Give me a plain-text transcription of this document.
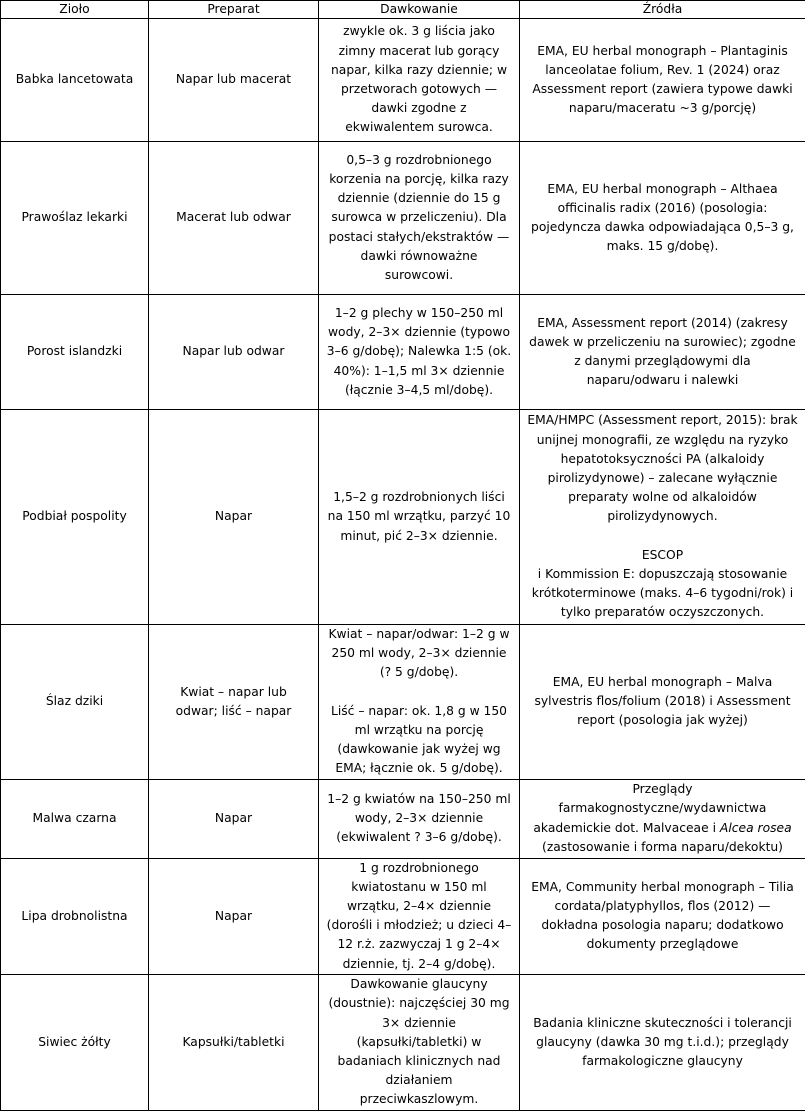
Zioło	Preparat	Dawkowanie	Źródła
Babka lancetowata	Napar lub macerat	zwykle ok. 3 g liścia jako zimny macerat lub gorący napar, kilka razy dziennie; w przetworach gotowych — dawki zgodne z ekwiwalentem surowca.	EMA, EU herbal monograph – Plantaginis lanceolatae folium, Rev. 1 (2024) oraz Assessment report (zawiera typowe dawki naparu/maceratu ~3 g/porcję)
Prawoślaz lekarki	Macerat lub odwar	0,5–3 g rozdrobnionego korzenia na porcję, kilka razy dziennie (dziennie do 15 g surowca w przeliczeniu). Dla postaci stałych/ekstraktów — dawki równoważne surowcowi.	EMA, EU herbal monograph – Althaea officinalis radix (2016) (posologia: pojedyncza dawka odpowiadająca 0,5–3 g, maks. 15 g/dobę).
Porost islandzki	Napar lub odwar	1–2 g plechy w 150–250 ml wody, 2–3× dziennie (typowo 3–6 g/dobę); Nalewka 1:5 (ok. 40%): 1–1,5 ml 3× dziennie (łącznie 3–4,5 ml/dobę).	EMA, Assessment report (2014) (zakresy dawek w przeliczeniu na surowiec); zgodne z danymi przeglądowymi dla naparu/odwaru i nalewki
Podbiał pospolity	Napar	1,5–2 g rozdrobnionych liści na 150 ml wrzątku, parzyć 10 minut, pić 2–3× dziennie.	EMA/HMPC (Assessment report, 2015): brak unijnej monografii, ze względu na ryzyko hepatotoksyczności PA (alkaloidy pirolizydynowe) – zalecane wyłącznie preparaty wolne od alkaloidów pirolizydynowych.

ESCOP
i Kommission E: dopuszczają stosowanie krótkoterminowe (maks. 4–6 tygodni/rok) i tylko preparatów oczyszczonych.
Ślaz dziki	Kwiat – napar lub odwar; liść – napar	Kwiat – napar/odwar: 1–2 g w 250 ml wody, 2–3× dziennie (? 5 g/dobę).

Liść – napar: ok. 1,8 g w 150 ml wrzątku na porcję (dawkowanie jak wyżej wg EMA; łącznie ok. 5 g/dobę).	EMA, EU herbal monograph – Malva sylvestris flos/folium (2018) i Assessment report (posologia jak wyżej)
Malwa czarna	Napar	1–2 g kwiatów na 150–250 ml wody, 2–3× dziennie (ekwiwalent ? 3–6 g/dobę).	Przeglądy farmakognostyczne/wydawnictwa akademickie dot. Malvaceae i Alcea rosea (zastosowanie i forma naparu/dekoktu)
Lipa drobnolistna	Napar	1 g rozdrobnionego kwiatostanu w 150 ml wrzątku, 2–4× dziennie (dorośli i młodzież; u dzieci 4–12 r.ż. zazwyczaj 1 g 2–4× dziennie, tj. 2–4 g/dobę).	EMA, Community herbal monograph – Tilia cordata/platyphyllos, flos (2012) — dokładna posologia naparu; dodatkowo dokumenty przeglądowe
Siwiec żółty	Kapsułki/tabletki	Dawkowanie glaucyny (doustnie): najczęściej 30 mg 3× dziennie (kapsułki/tabletki) w badaniach klinicznych nad działaniem przeciwkaszlowym.	Badania kliniczne skuteczności i tolerancji glaucyny (dawka 30 mg t.i.d.); przeglądy farmakologiczne glaucyny
